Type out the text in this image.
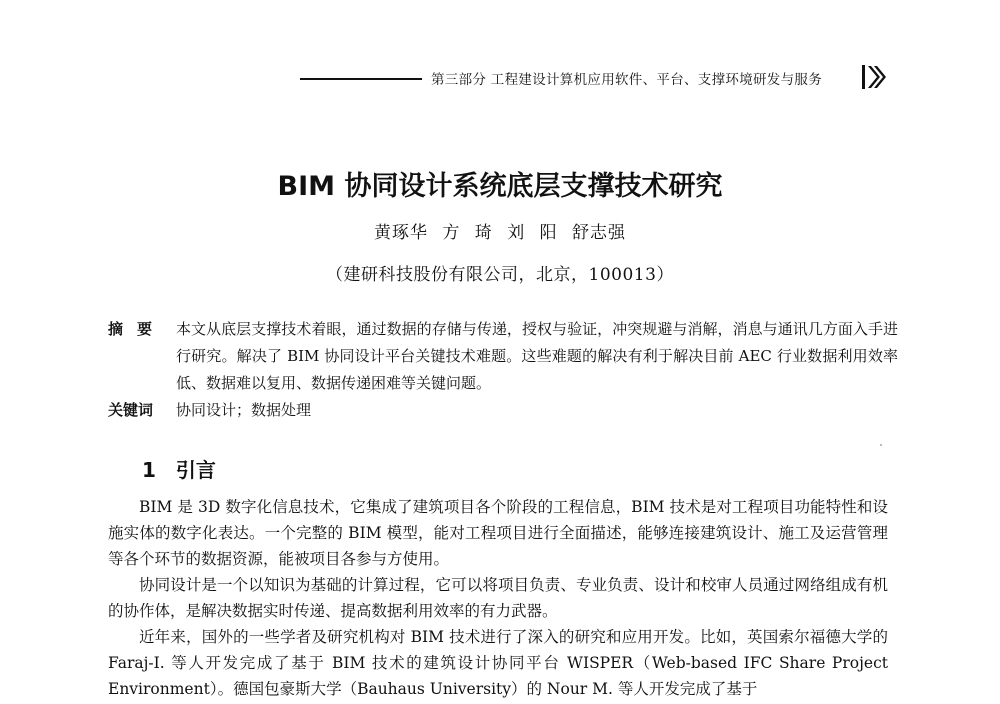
第三部分 工程建设计算机应用软件、平台、支撑环境研发与服务
BIM 协同设计系统底层支撑技术研究
黄琢华 方 琦 刘 阳 舒志强
（建研科技股份有限公司，北京，100013）
摘要 本文从底层支撑技术着眼，通过数据的存储与传递，授权与验证，冲突规避与消解，消息与通讯几方面入手进行研究。解决了 BIM 协同设计平台关键技术难题。这些难题的解决有利于解决目前 AEC 行业数据利用效率低、数据难以复用、数据传递困难等关键问题。
关键词 协同设计；数据处理
1 引言

BIM 是 3D 数字化信息技术，它集成了建筑项目各个阶段的工程信息，BIM 技术是对工程项目功能特性和设施实体的数字化表达。一个完整的 BIM 模型，能对工程项目进行全面描述，能够连接建筑设计、施工及运营管理等各个环节的数据资源，能被项目各参与方使用。

协同设计是一个以知识为基础的计算过程，它可以将项目负责、专业负责、设计和校审人员通过网络组成有机的协作体，是解决数据实时传递、提高数据利用效率的有力武器。

近年来，国外的一些学者及研究机构对 BIM 技术进行了深入的研究和应用开发。比如，英国索尔福德大学的 Faraj-I. 等人开发完成了基于 BIM 技术的建筑设计协同平台 WISPER（Web-based IFC Share Project Environment）。德国包豪斯大学（Bauhaus University）的 Nour M. 等人开发完成了基于
